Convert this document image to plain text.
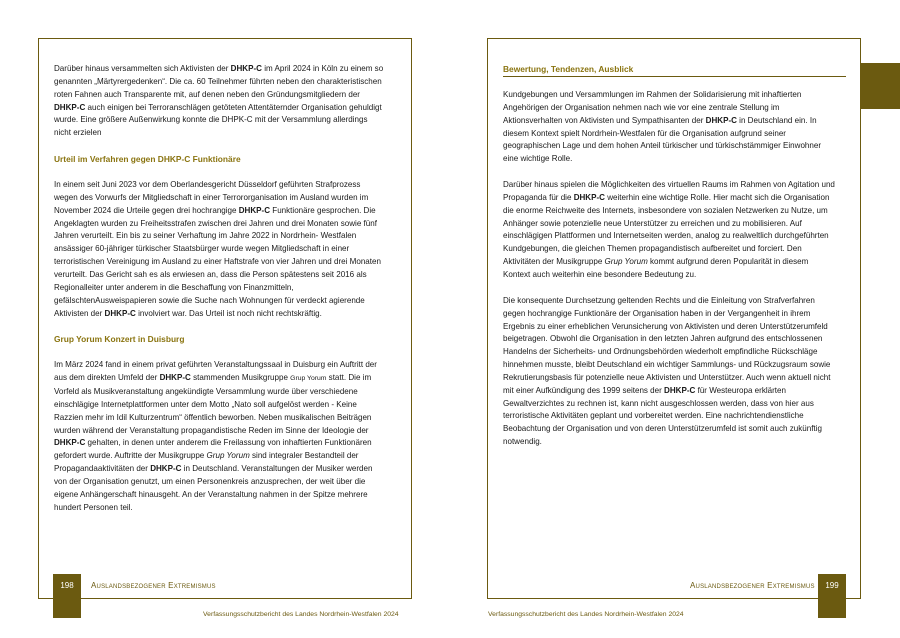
Darüber hinaus versammelten sich Aktivisten der DHKP-C im April 2024 in Köln zu einem so genannten „Märtyrergedenken“. Die ca. 60 Teilnehmer führten neben den charakteristischen roten Fahnen auch Transparente mit, auf denen neben den Gründungsmitgliedern der DHKP-C auch einigen bei Terroranschlägen getöteten Attentäternder Organisation gehuldigt wurde. Eine größere Außenwirkung konnte die DHPK-C mit der Versammlung allerdings nicht erzielen

Urteil im Verfahren gegen DHKP-C Funktionäre

In einem seit Juni 2023 vor dem Oberlandesgericht Düsseldorf geführten Strafprozess wegen des Vorwurfs der Mitgliedschaft in einer Terrororganisation im Ausland wurden im November 2024 die Urteile gegen drei hochrangige DHKP-C Funktionäre gesprochen. Die Angeklagten wurden zu Freiheitsstrafen zwischen drei Jahren und drei Monaten sowie fünf Jahren verurteilt. Ein bis zu seiner Verhaftung im Jahre 2022 in Nordrhein- Westfalen ansässiger 60-jähriger türkischer Staatsbürger wurde wegen Mitgliedschaft in einer terroristischen Vereinigung im Ausland zu einer Haftstrafe von vier Jahren und drei Monaten verurteilt. Das Gericht sah es als erwiesen an, dass die Person spätestens seit 2016 als Regionalleiter unter anderem in die Beschaffung von Finanzmitteln, gefälschtenAusweispapieren sowie die Suche nach Wohnungen für verdeckt agierende Aktivisten der DHKP-C involviert war. Das Urteil ist noch nicht rechtskräftig.

Grup Yorum Konzert in Duisburg

Im März 2024 fand in einem privat geführten Veranstaltungssaal in Duisburg ein Auftritt der aus dem direkten Umfeld der DHKP-C stammenden Musikgruppe Grup Yorum statt. Die im Vorfeld als Musikveranstaltung angekündigte Versammlung wurde über verschiedene einschlägige Internetplattformen unter dem Motto „Nato soll aufgelöst werden - Keine Razzien mehr im Idil Kulturzentrum“ öffentlich beworben. Neben musikalischen Beiträgen wurden während der Veranstaltung propagandistische Reden im Sinne der Ideologie der DHKP-C gehalten, in denen unter anderem die Freilassung von inhaftierten Funktionären gefordert wurde. Auftritte der Musikgruppe Grup Yorum sind integraler Bestandteil der Propagandaaktivitäten der DHKP-C in Deutschland. Veranstaltungen der Musiker werden von der Organisation genutzt, um einen Personenkreis anzusprechen, der weit über die eigene Anhängerschaft hinausgeht. An der Veranstaltung nahmen in der Spitze mehrere hundert Personen teil.

Bewertung, Tendenzen, Ausblick

Kundgebungen und Versammlungen im Rahmen der Solidarisierung mit inhaftierten Angehörigen der Organisation nehmen nach wie vor eine zentrale Stellung im Aktionsverhalten von Aktivisten und Sympathisanten der DHKP-C in Deutschland ein. In diesem Kontext spielt Nordrhein-Westfalen für die Organisation aufgrund seiner geographischen Lage und dem hohen Anteil türkischer und türkischstämmiger Einwohner eine wichtige Rolle.

Darüber hinaus spielen die Möglichkeiten des virtuellen Raums im Rahmen von Agitation und Propaganda für die DHKP-C weiterhin eine wichtige Rolle. Hier macht sich die Organisation die enorme Reichweite des Internets, insbesondere von sozialen Netzwerken zu Nutze, um Anhänger sowie potenzielle neue Unterstützer zu erreichen und zu mobilisieren. Auf einschlägigen Plattformen und Internetseiten werden, analog zu realweltlich durchgeführten Kundgebungen, die gleichen Themen propagandistisch aufbereitet und forciert. Den Aktivitäten der Musikgruppe Grup Yorum kommt aufgrund deren Popularität in diesem Kontext auch weiterhin eine besondere Bedeutung zu.

Die konsequente Durchsetzung geltenden Rechts und die Einleitung von Strafverfahren gegen hochrangige Funktionäre der Organisation haben in der Vergangenheit in ihrem Ergebnis zu einer erheblichen Verunsicherung von Aktivisten und deren Unterstützerumfeld beigetragen. Obwohl die Organisation in den letzten Jahren aufgrund des entschlossenen Handelns der Sicherheits- und Ordnungsbehörden wiederholt empfindliche Rückschläge hinnehmen musste, bleibt Deutschland ein wichtiger Sammlungs- und Rückzugsraum sowie Rekrutierungsbasis für potenzielle neue Aktivisten und Unterstützer. Auch wenn aktuell nicht mit einer Aufkündigung des 1999 seitens der DHKP-C für Westeuropa erklärten Gewaltverzichtes zu rechnen ist, kann nicht ausgeschlossen werden, dass von hier aus terroristische Aktivitäten geplant und vorbereitet werden. Eine nachrichtendienstliche Beobachtung der Organisation und von deren Unterstützerumfeld ist somit auch zukünftig notwendig.

198	199
Auslandsbezogener Extremismus	Auslandsbezogener Extremismus
Verfassungsschutzbericht des Landes Nordrhein-Westfalen 2024	Verfassungsschutzbericht des Landes Nordrhein-Westfalen 2024
